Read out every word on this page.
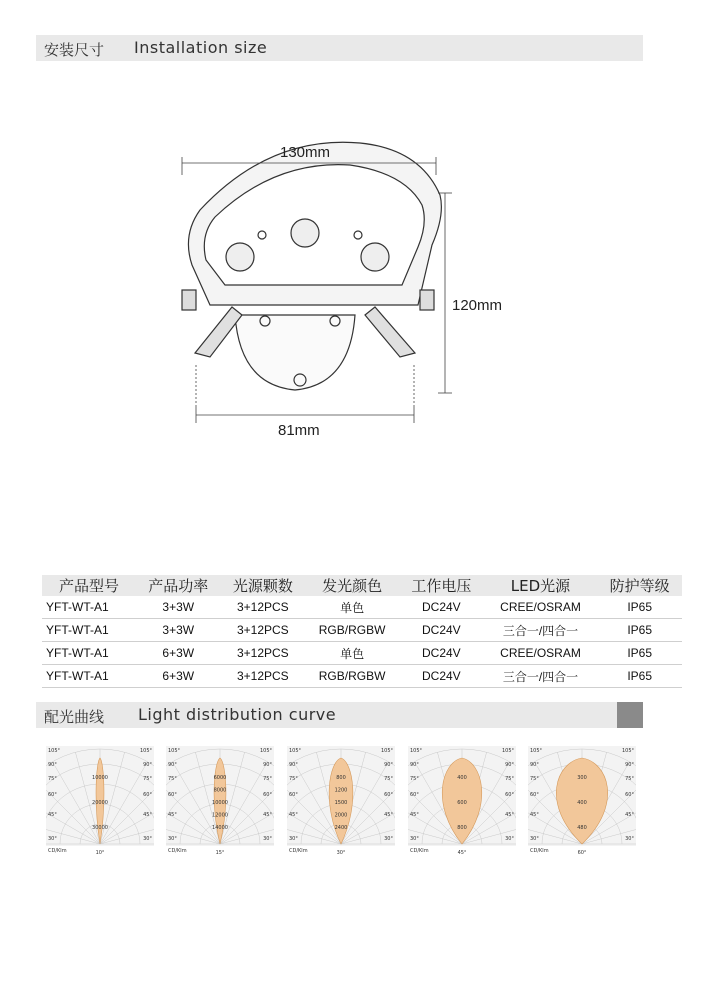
安装尺寸 Installation size
130mm
120mm
81mm
产品型号	产品功率	光源颗数	发光颜色	工作电压	LED光源	防护等级
YFT-WT-A1	3+3W	3+12PCS	单色	DC24V	CREE/OSRAM	IP65
YFT-WT-A1	3+3W	3+12PCS	RGB/RGBW	DC24V	三合一/四合一	IP65
YFT-WT-A1	6+3W	3+12PCS	单色	DC24V	CREE/OSRAM	IP65
YFT-WT-A1	6+3W	3+12PCS	RGB/RGBW	DC24V	三合一/四合一	IP65
配光曲线 Light distribution curve
10000
20000
30000
105°	105°
90°	90°
75°	75°
60°	60°
45°	45°
30°	30°
CD/Klm	10°
6000
8000
10000
12000
14000
105°	105°
90°	90°
75°	75°
60°	60°
45°	45°
30°	30°
CD/Klm	15°
800
1200
1500
2000
2400
105°	105°
90°	90°
75°	75°
60°	60°
45°	45°
30°	30°
CD/Klm	30°
400
600
800
105°	105°
90°	90°
75°	75°
60°	60°
45°	45°
30°	30°
CD/Klm	45°
300
400
480
105°	105°
90°	90°
75°	75°
60°	60°
45°	45°
30°	30°
CD/Klm	60°
